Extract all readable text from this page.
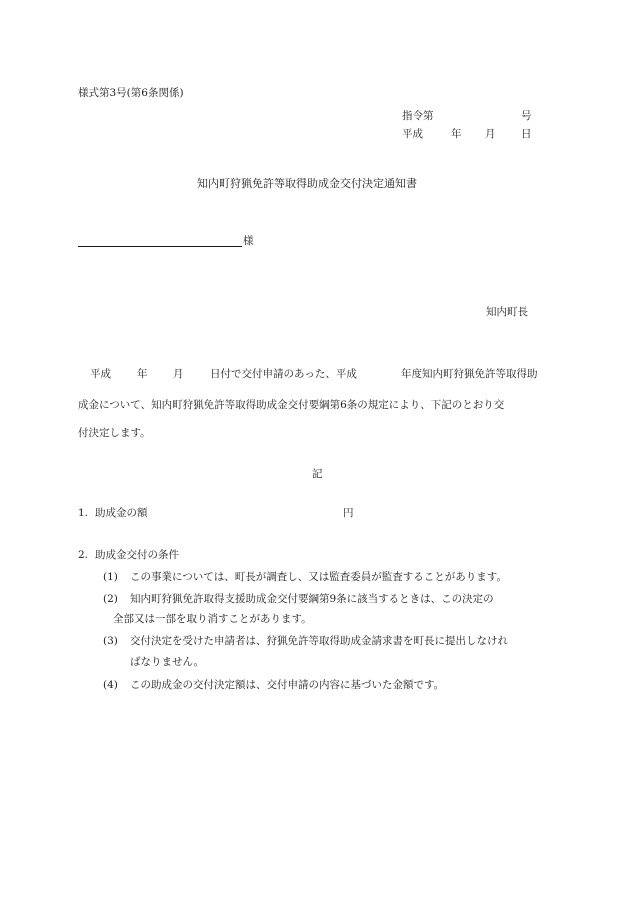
様式第3号(第6条関係)
指令第	号
平成	年 月 日
知内町狩猟免許等取得助成金交付決定通知書
様
知内町長
平成 年 月	日付で交付申請のあった、平成	年度知内町狩猟免許等取得助
成金について、知内町狩猟免許等取得助成金交付要綱第6条の規定により、下記のとおり交
付決定します。
記
1. 助成金の額	円
2. 助成金交付の条件
(1) この事業については、町長が調査し、又は監査委員が監査することがあります。
(2) 知内町狩猟免許取得支援助成金交付要綱第9条に該当するときは、この決定の
全部又は一部を取り消すことがあります。
(3) 交付決定を受けた申請者は、狩猟免許等取得助成金請求書を町長に提出しなけれ
ばなりません。
(4) この助成金の交付決定額は、交付申請の内容に基づいた金額です。
